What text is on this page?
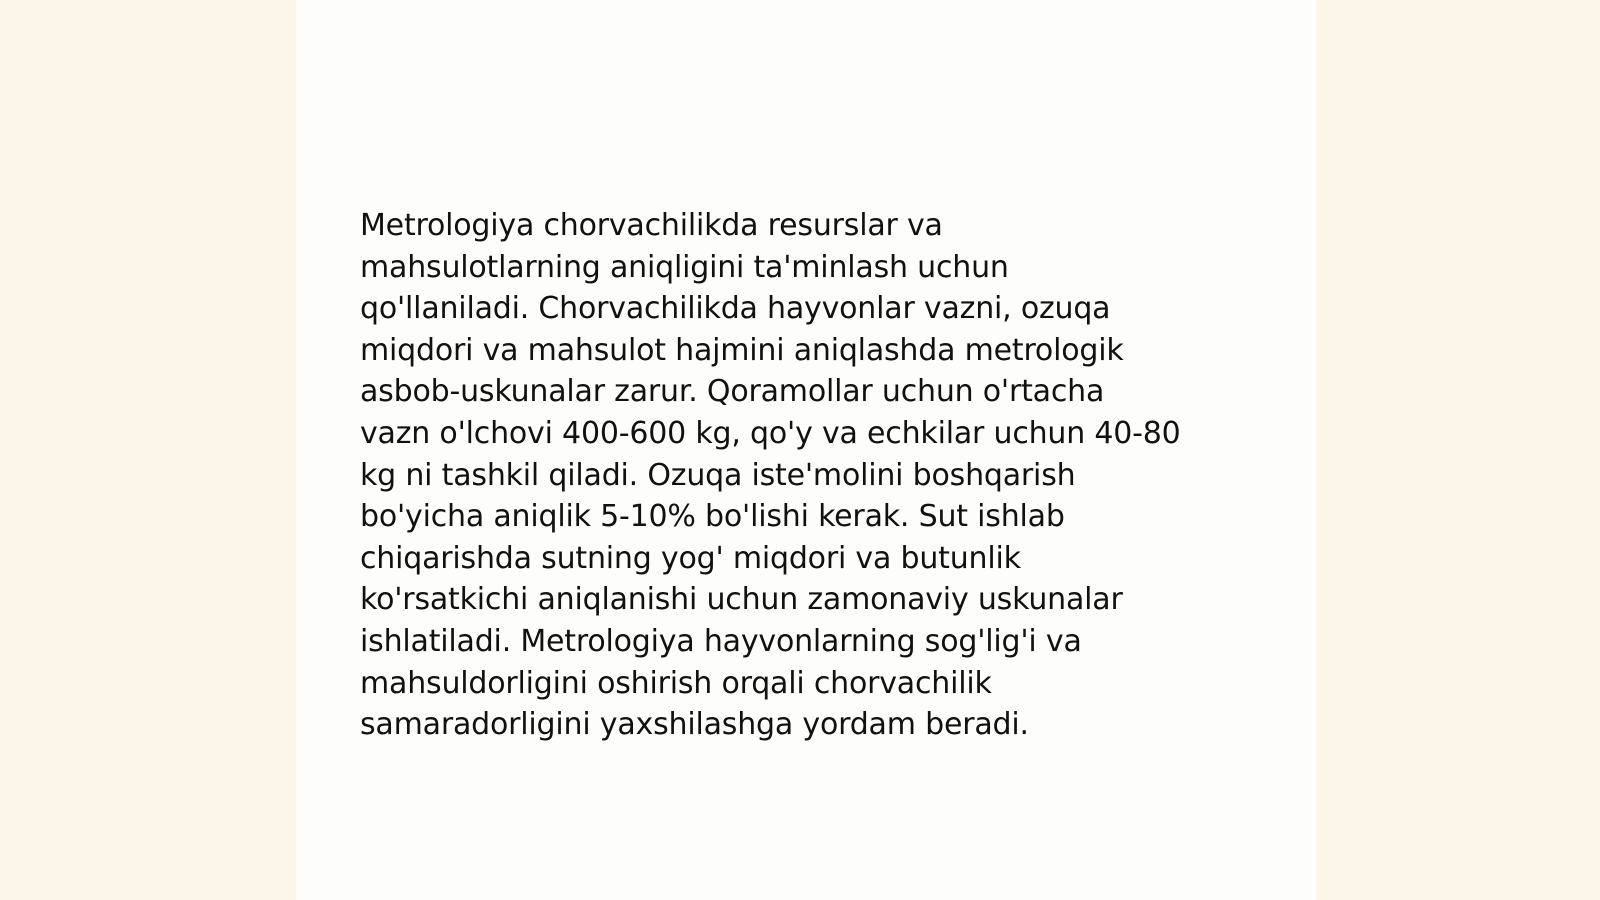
Metrologiya chorvachilikda resurslar va
mahsulotlarning aniqligini ta'minlash uchun
qo'llaniladi. Chorvachilikda hayvonlar vazni, ozuqa
miqdori va mahsulot hajmini aniqlashda metrologik
asbob-uskunalar zarur. Qoramollar uchun o'rtacha
vazn o'lchovi 400-600 kg, qo'y va echkilar uchun 40-80
kg ni tashkil qiladi. Ozuqa iste'molini boshqarish
bo'yicha aniqlik 5-10% bo'lishi kerak. Sut ishlab
chiqarishda sutning yog' miqdori va butunlik
ko'rsatkichi aniqlanishi uchun zamonaviy uskunalar
ishlatiladi. Metrologiya hayvonlarning sog'lig'i va
mahsuldorligini oshirish orqali chorvachilik
samaradorligini yaxshilashga yordam beradi.
